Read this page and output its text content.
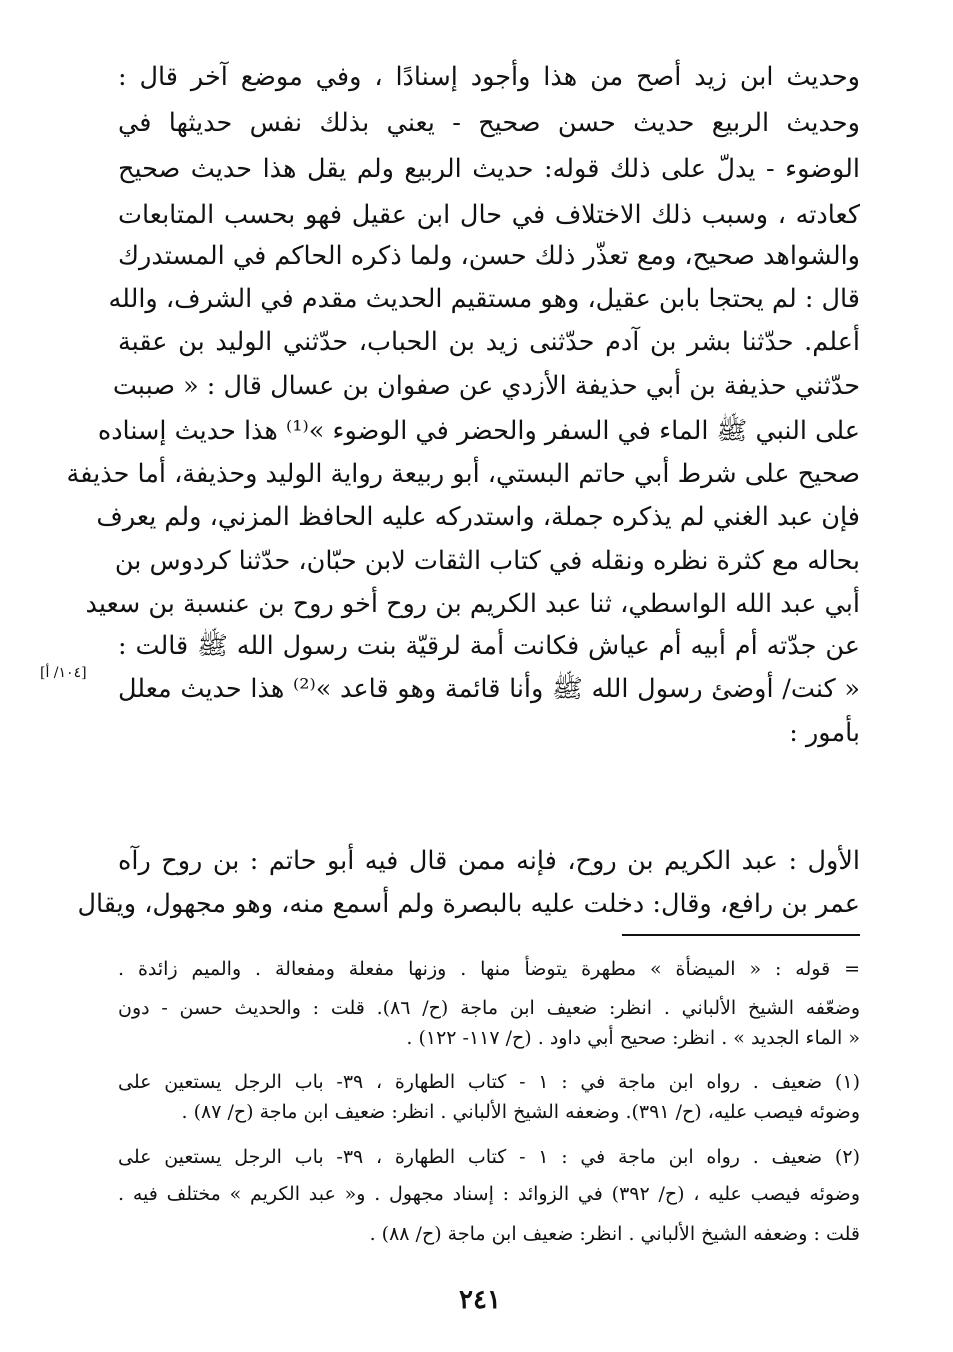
وحديث ابن زيد أصح من هذا وأجود إسنادًا ، وفي موضع آخر قال :
وحديث الربيع حديث حسن صحيح - يعني بذلك نفس حديثها في
الوضوء - يدلّ على ذلك قوله: حديث الربيع ولم يقل هذا حديث صحيح
كعادته ، وسبب ذلك الاختلاف في حال ابن عقيل فهو بحسب المتابعات
والشواهد صحيح، ومع تعذّر ذلك حسن، ولما ذكره الحاكم في المستدرك
قال : لم يحتجا بابن عقيل، وهو مستقيم الحديث مقدم في الشرف، والله
أعلم. حدّثنا بشر بن آدم حدّثنى زيد بن الحباب، حدّثني الوليد بن عقبة
حدّثني حذيفة بن أبي حذيفة الأزدي عن صفوان بن عسال قال : « صببت
على النبي ﷺ الماء في السفر والحضر في الوضوء »⁽¹⁾ هذا حديث إسناده
صحيح على شرط أبي حاتم البستي، أبو ربيعة رواية الوليد وحذيفة، أما حذيفة
فإن عبد الغني لم يذكره جملة، واستدركه عليه الحافظ المزني، ولم يعرف
بحاله مع كثرة نظره ونقله في كتاب الثقات لابن حبّان، حدّثنا كردوس بن
أبي عبد الله الواسطي، ثنا عبد الكريم بن روح أخو روح بن عنسبة بن سعيد
عن جدّته أم أبيه أم عياش فكانت أمة لرقيّة بنت رسول الله ﷺ قالت :
« كنت/ أوضئ رسول الله ﷺ وأنا قائمة وهو قاعد »⁽²⁾ هذا حديث معلل
بأمور :
[١٠٤/ أ]
الأول : عبد الكريم بن روح، فإنه ممن قال فيه أبو حاتم : بن روح رآه
عمر بن رافع، وقال: دخلت عليه بالبصرة ولم أسمع منه، وهو مجهول، ويقال
= قوله : « الميضأة » مطهرة يتوضأ منها . وزنها مفعلة ومفعالة . والميم زائدة .
وضعّفه الشيخ الألباني . انظر: ضعيف ابن ماجة (ح/ ٨٦). قلت : والحديث حسن - دون
« الماء الجديد » . انظر: صحيح أبي داود . (ح/ ١١٧- ١٢٢) .
(١) ضعيف . رواه ابن ماجة في : ١ - كتاب الطهارة ، ٣٩- باب الرجل يستعين على
وضوئه فيصب عليه، (ح/ ٣٩١). وضعفه الشيخ الألباني . انظر: ضعيف ابن ماجة (ح/ ٨٧) .
(٢) ضعيف . رواه ابن ماجة في : ١ - كتاب الطهارة ، ٣٩- باب الرجل يستعين على
وضوئه فيصب عليه ، (ح/ ٣٩٢) في الزوائد : إسناد مجهول . و« عبد الكريم » مختلف فيه .
قلت : وضعفه الشيخ الألباني . انظر: ضعيف ابن ماجة (ح/ ٨٨) .
٢٤١
